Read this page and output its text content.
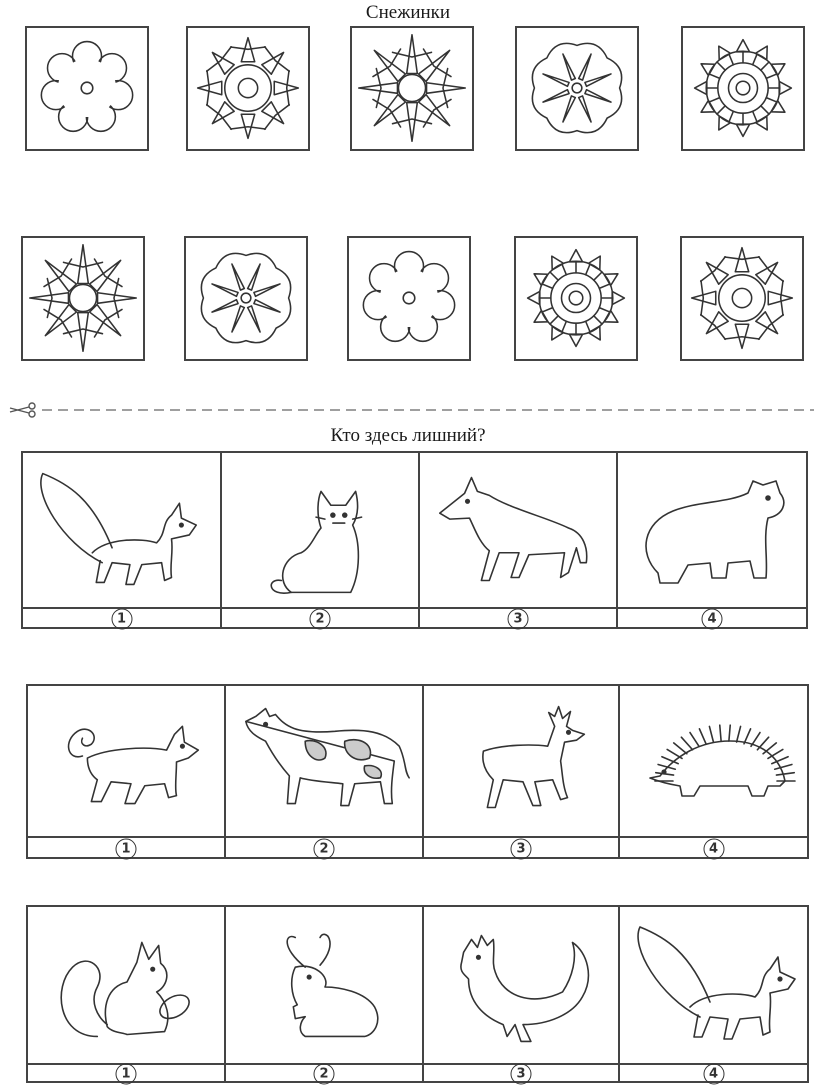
Снежинки
Кто здесь лишний?
1	2	3	4
1	2	3	4
1	2	3	4
